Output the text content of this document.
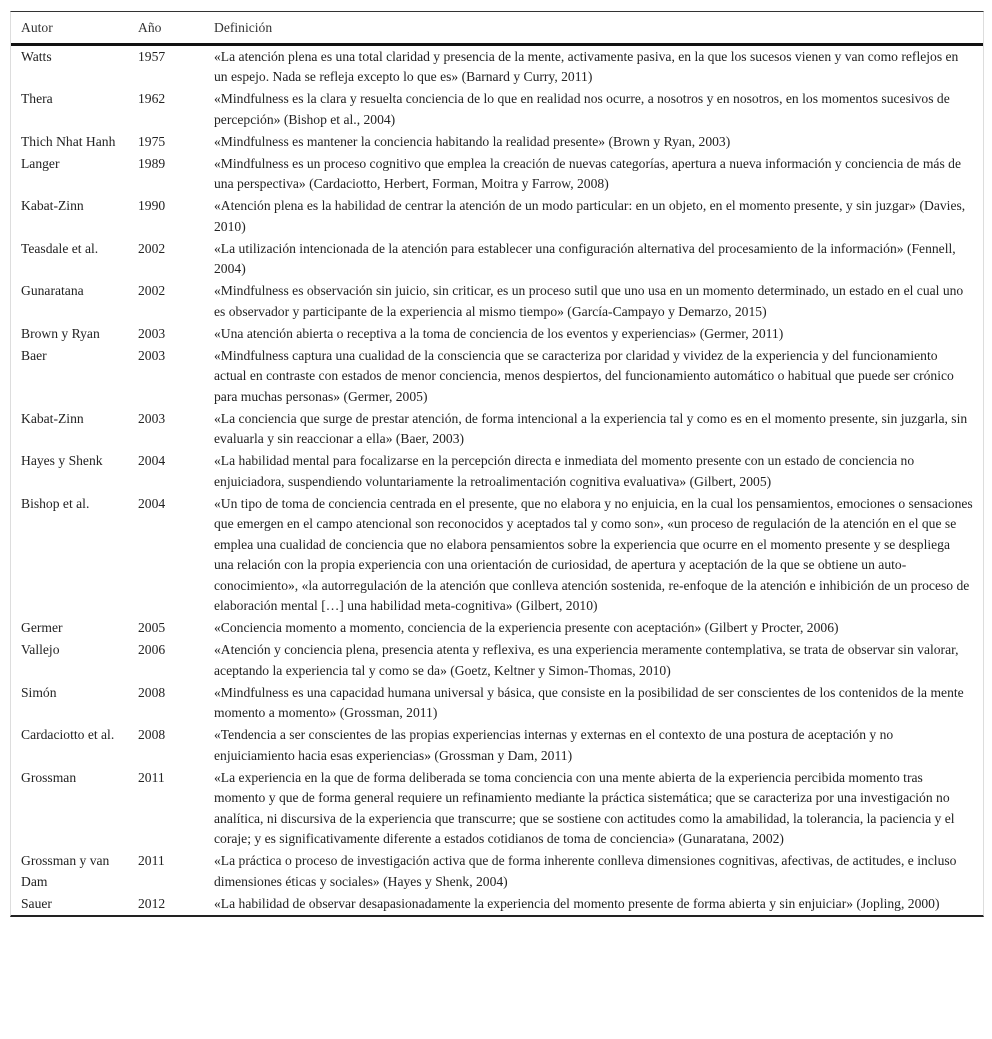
Autor	Año	Definición
Watts	1957	«La atención plena es una total claridad y presencia de la mente, activamente pasiva, en la que los sucesos vienen y van como reflejos en un espejo. Nada se refleja excepto lo que es» (Barnard y Curry, 2011)
Thera	1962	«Mindfulness es la clara y resuelta conciencia de lo que en realidad nos ocurre, a nosotros y en nosotros, en los momentos sucesivos de percepción» (Bishop et al., 2004)
Thich Nhat Hanh	1975	«Mindfulness es mantener la conciencia habitando la realidad presente» (Brown y Ryan, 2003)
Langer	1989	«Mindfulness es un proceso cognitivo que emplea la creación de nuevas categorías, apertura a nueva información y conciencia de más de una perspectiva» (Cardaciotto, Herbert, Forman, Moitra y Farrow, 2008)
Kabat-Zinn	1990	«Atención plena es la habilidad de centrar la atención de un modo particular: en un objeto, en el momento presente, y sin juzgar» (Davies, 2010)
Teasdale et al.	2002	«La utilización intencionada de la atención para establecer una configuración alternativa del procesamiento de la información» (Fennell, 2004)
Gunaratana	2002	«Mindfulness es observación sin juicio, sin criticar, es un proceso sutil que uno usa en un momento determinado, un estado en el cual uno es observador y participante de la experiencia al mismo tiempo» (García-Campayo y Demarzo, 2015)
Brown y Ryan	2003	«Una atención abierta o receptiva a la toma de conciencia de los eventos y experiencias» (Germer, 2011)
Baer	2003	«Mindfulness captura una cualidad de la consciencia que se caracteriza por claridad y vividez de la experiencia y del funcionamiento actual en contraste con estados de menor conciencia, menos despiertos, del funcionamiento automático o habitual que puede ser crónico para muchas personas» (Germer, 2005)
Kabat-Zinn	2003	«La conciencia que surge de prestar atención, de forma intencional a la experiencia tal y como es en el momento presente, sin juzgarla, sin evaluarla y sin reaccionar a ella» (Baer, 2003)
Hayes y Shenk	2004	«La habilidad mental para focalizarse en la percepción directa e inmediata del momento presente con un estado de conciencia no enjuiciadora, suspendiendo voluntariamente la retroalimentación cognitiva evaluativa» (Gilbert, 2005)
Bishop et al.	2004	«Un tipo de toma de conciencia centrada en el presente, que no elabora y no enjuicia, en la cual los pensamientos, emociones o sensaciones que emergen en el campo atencional son reconocidos y aceptados tal y como son», «un proceso de regulación de la atención en el que se emplea una cualidad de conciencia que no elabora pensamientos sobre la experiencia que ocurre en el momento presente y se despliega una relación con la propia experiencia con una orientación de curiosidad, de apertura y aceptación de la que se obtiene un auto-conocimiento», «la autorregulación de la atención que conlleva atención sostenida, re-enfoque de la atención e inhibición de un proceso de elaboración mental […] una habilidad meta-cognitiva» (Gilbert, 2010)
Germer	2005	«Conciencia momento a momento, conciencia de la experiencia presente con aceptación» (Gilbert y Procter, 2006)
Vallejo	2006	«Atención y conciencia plena, presencia atenta y reflexiva, es una experiencia meramente contemplativa, se trata de observar sin valorar, aceptando la experiencia tal y como se da» (Goetz, Keltner y Simon-Thomas, 2010)
Simón	2008	«Mindfulness es una capacidad humana universal y básica, que consiste en la posibilidad de ser conscientes de los contenidos de la mente momento a momento» (Grossman, 2011)
Cardaciotto et al.	2008	«Tendencia a ser conscientes de las propias experiencias internas y externas en el contexto de una postura de aceptación y no enjuiciamiento hacia esas experiencias» (Grossman y Dam, 2011)
Grossman	2011	«La experiencia en la que de forma deliberada se toma conciencia con una mente abierta de la experiencia percibida momento tras momento y que de forma general requiere un refinamiento mediante la práctica sistemática; que se caracteriza por una investigación no analítica, ni discursiva de la experiencia que transcurre; que se sostiene con actitudes como la amabilidad, la tolerancia, la paciencia y el coraje; y es significativamente diferente a estados cotidianos de toma de conciencia» (Gunaratana, 2002)
Grossman y van Dam	2011	«La práctica o proceso de investigación activa que de forma inherente conlleva dimensiones cognitivas, afectivas, de actitudes, e incluso dimensiones éticas y sociales» (Hayes y Shenk, 2004)
Sauer	2012	«La habilidad de observar desapasionadamente la experiencia del momento presente de forma abierta y sin enjuiciar» (Jopling, 2000)
